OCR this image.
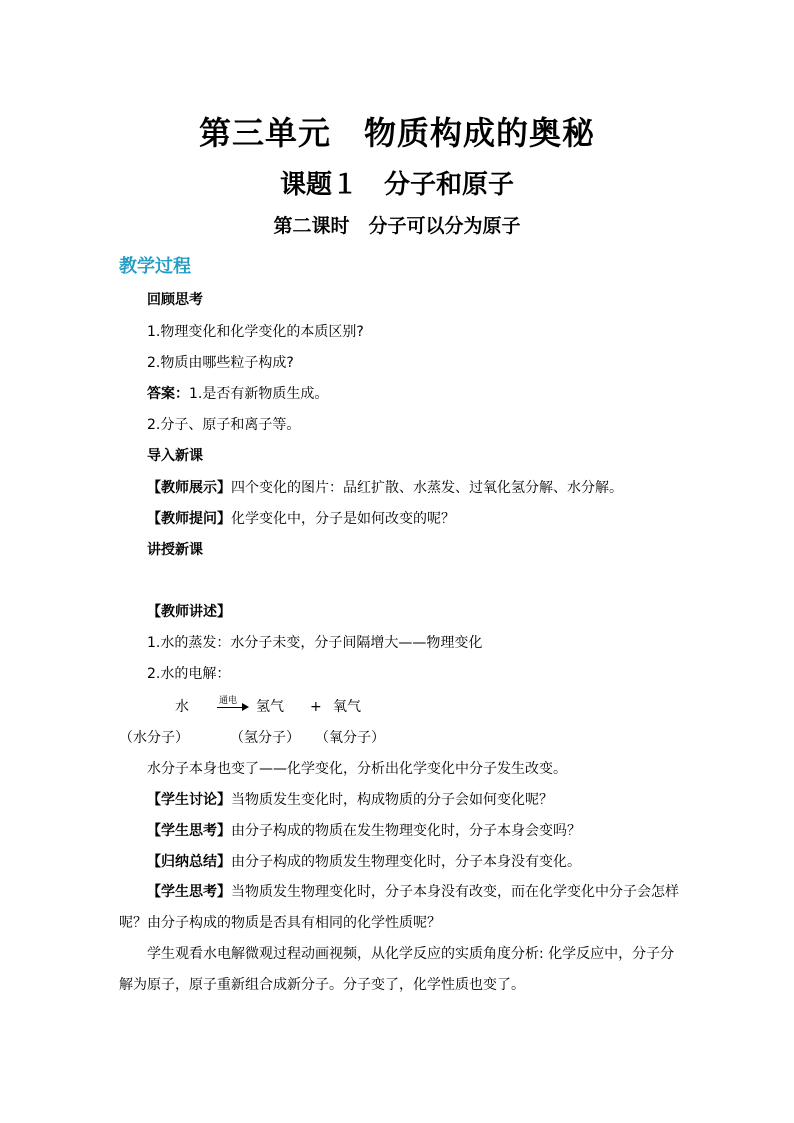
第三单元　物质构成的奥秘
课题１　分子和原子
第二课时　分子可以分为原子
教学过程
回顾思考
1.物理变化和化学变化的本质区别?
2.物质由哪些粒子构成?
答案：1.是否有新物质生成。
2.分子、原子和离子等。
导入新课
【教师展示】四个变化的图片：品红扩散、水蒸发、过氧化氢分解、水分解。
【教师提问】化学变化中，分子是如何改变的呢？
讲授新课
【教师讲述】
1.水的蒸发：水分子未变，分子间隔增大——物理变化
2.水的电解：
水	通电 氢气 + 氧气
（水分子）	（氢分子） （氧分子）
水分子本身也变了——化学变化，分析出化学变化中分子发生改变。
【学生讨论】当物质发生变化时，构成物质的分子会如何变化呢？
【学生思考】由分子构成的物质在发生物理变化时，分子本身会变吗？
【归纳总结】由分子构成的物质发生物理变化时，分子本身没有变化。
【学生思考】当物质发生物理变化时，分子本身没有改变，而在化学变化中分子会怎样呢？由分子构成的物质是否具有相同的化学性质呢？
学生观看水电解微观过程动画视频，从化学反应的实质角度分析: 化学反应中，分子分解为原子，原子重新组合成新分子。分子变了，化学性质也变了。
